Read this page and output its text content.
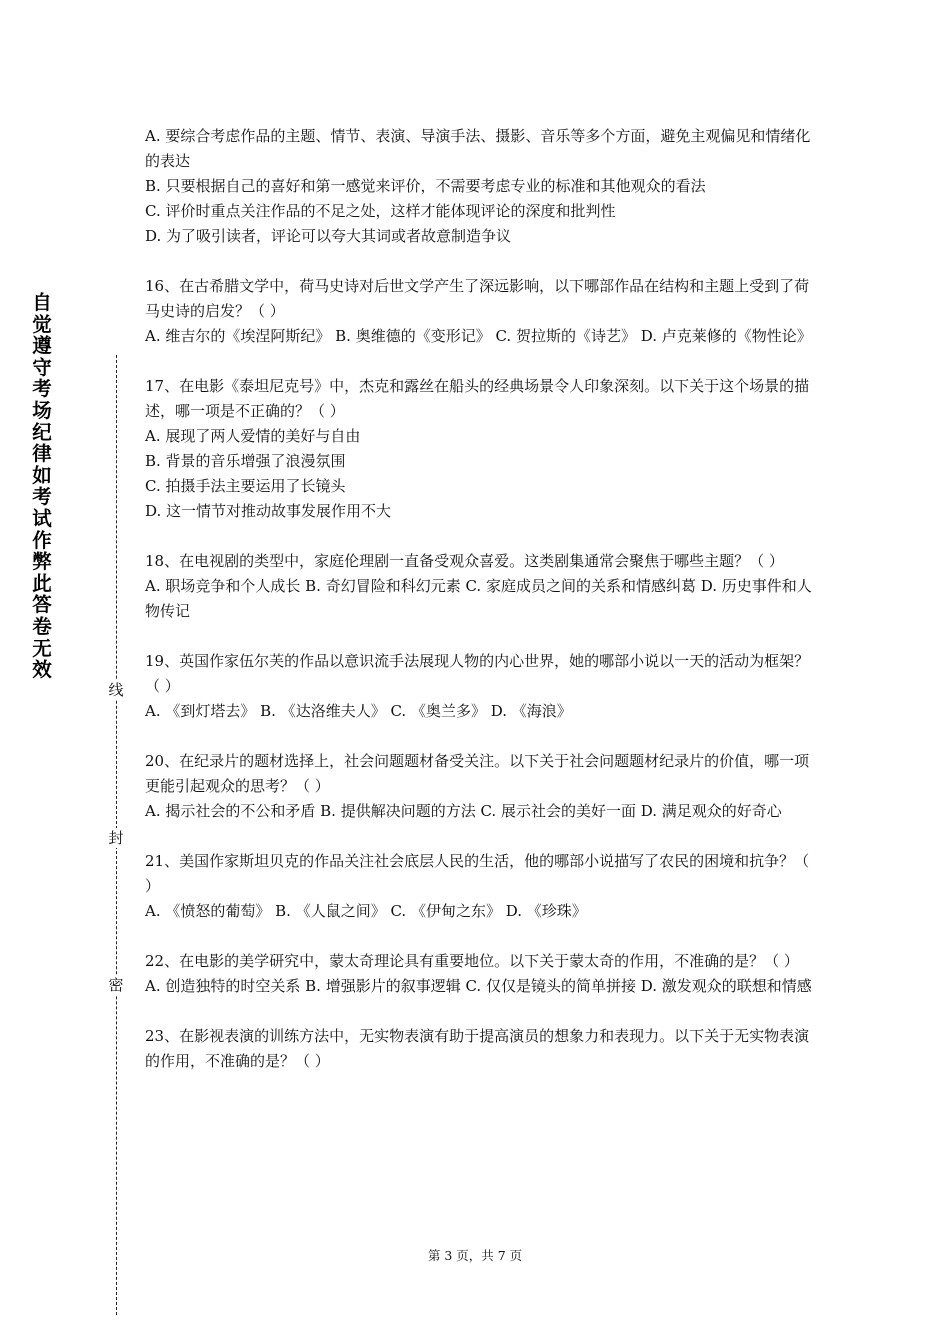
自觉遵守考场纪律如考试作弊此答卷无效
线
封
密

A. 要综合考虑作品的主题、情节、表演、导演手法、摄影、音乐等多个方面，避免主观偏见和情绪化的表达

B. 只要根据自己的喜好和第一感觉来评价，不需要考虑专业的标准和其他观众的看法

C. 评价时重点关注作品的不足之处，这样才能体现评论的深度和批判性

D. 为了吸引读者，评论可以夸大其词或者故意制造争议

16、在古希腊文学中，荷马史诗对后世文学产生了深远影响，以下哪部作品在结构和主题上受到了荷马史诗的启发？（ ）

A. 维吉尔的《埃涅阿斯纪》 B. 奥维德的《变形记》 C. 贺拉斯的《诗艺》 D. 卢克莱修的《物性论》

17、在电影《泰坦尼克号》中，杰克和露丝在船头的经典场景令人印象深刻。以下关于这个场景的描述，哪一项是不正确的？（ ）

A. 展现了两人爱情的美好与自由

B. 背景的音乐增强了浪漫氛围

C. 拍摄手法主要运用了长镜头

D. 这一情节对推动故事发展作用不大

18、在电视剧的类型中，家庭伦理剧一直备受观众喜爱。这类剧集通常会聚焦于哪些主题？（ ）

A. 职场竞争和个人成长 B. 奇幻冒险和科幻元素 C. 家庭成员之间的关系和情感纠葛 D. 历史事件和人物传记

19、英国作家伍尔芙的作品以意识流手法展现人物的内心世界，她的哪部小说以一天的活动为框架？（ ）

A. 《到灯塔去》 B. 《达洛维夫人》 C. 《奥兰多》 D. 《海浪》

20、在纪录片的题材选择上，社会问题题材备受关注。以下关于社会问题题材纪录片的价值，哪一项更能引起观众的思考？（ ）

A. 揭示社会的不公和矛盾 B. 提供解决问题的方法 C. 展示社会的美好一面 D. 满足观众的好奇心

21、美国作家斯坦贝克的作品关注社会底层人民的生活，他的哪部小说描写了农民的困境和抗争？（ ）

A. 《愤怒的葡萄》 B. 《人鼠之间》 C. 《伊甸之东》 D. 《珍珠》

22、在电影的美学研究中，蒙太奇理论具有重要地位。以下关于蒙太奇的作用，不准确的是？（ ）

A. 创造独特的时空关系 B. 增强影片的叙事逻辑 C. 仅仅是镜头的简单拼接 D. 激发观众的联想和情感

23、在影视表演的训练方法中，无实物表演有助于提高演员的想象力和表现力。以下关于无实物表演的作用，不准确的是？（ ）

第 3 页，共 7 页
